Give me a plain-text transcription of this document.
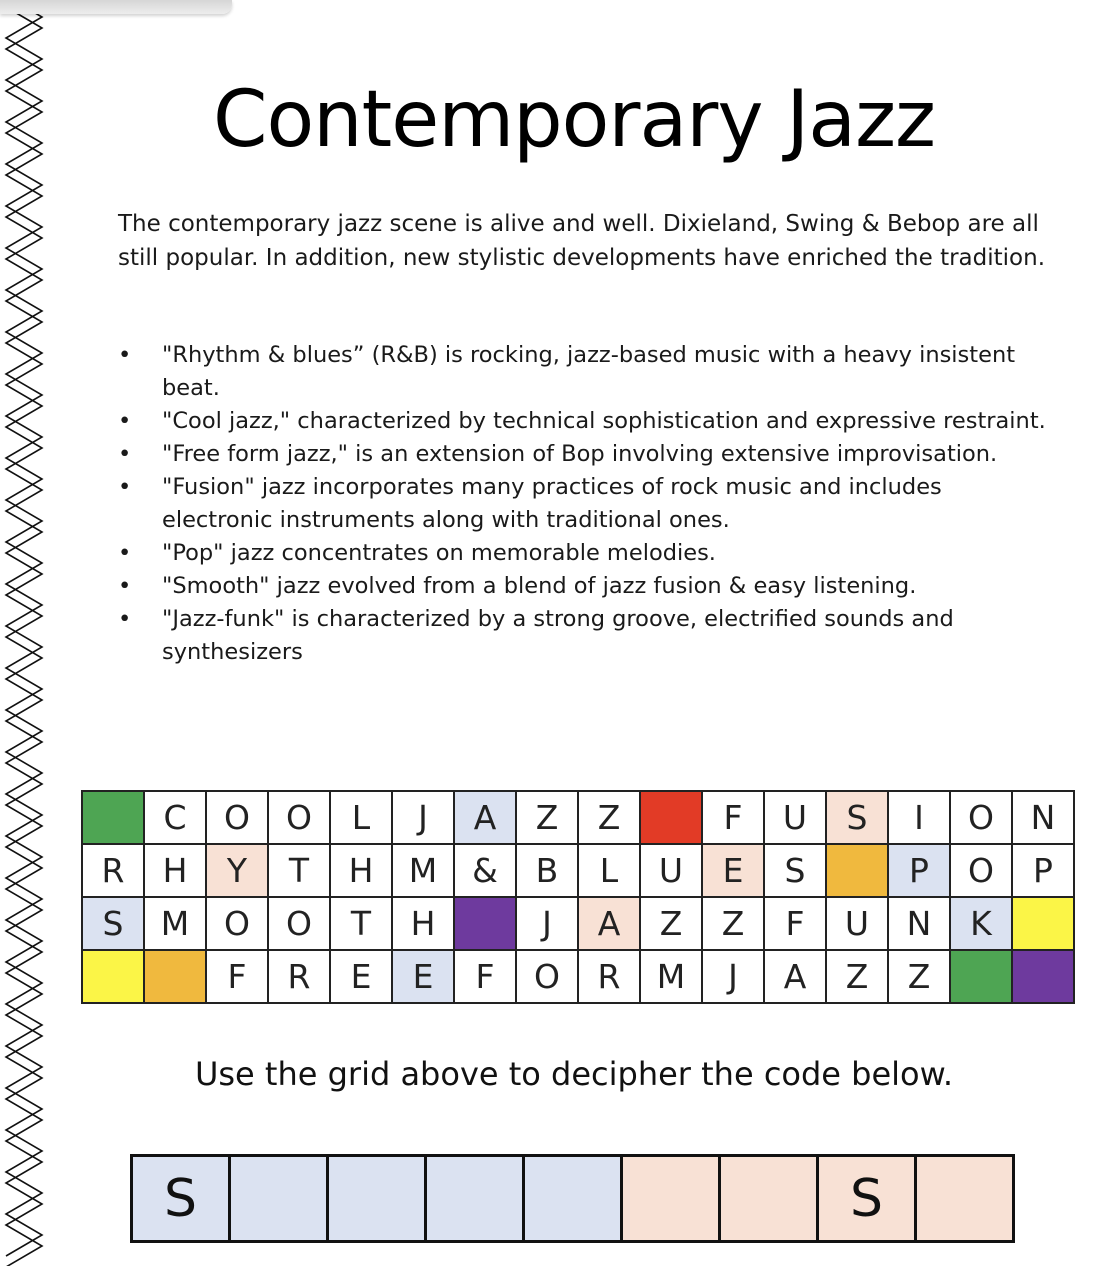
Contemporary Jazz

The contemporary jazz scene is alive and well. Dixieland, Swing & Bebop are all still popular. In addition, new stylistic developments have enriched the tradition.

• "Rhythm & blues” (R&B) is rocking, jazz-based music with a heavy insistent beat.
• "Cool jazz," characterized by technical sophistication and expressive restraint.
• "Free form jazz," is an extension of Bop involving extensive improvisation.
• "Fusion" jazz incorporates many practices of rock music and includes electronic instruments along with traditional ones.
• "Pop" jazz concentrates on memorable melodies.
• "Smooth" jazz evolved from a blend of jazz fusion & easy listening.
• "Jazz-funk" is characterized by a strong groove, electrified sounds and synthesizers
	C	O	O	L	J	A	Z	Z		F	U	S	I	O	N
R	H	Y	T	H	M	&	B	L	U	E	S		P	O	P
S	M	O	O	T	H		J	A	Z	Z	F	U	N	K	
		F	R	E	E	F	O	R	M	J	A	Z	Z		

Use the grid above to decipher the code below.

S							S	
